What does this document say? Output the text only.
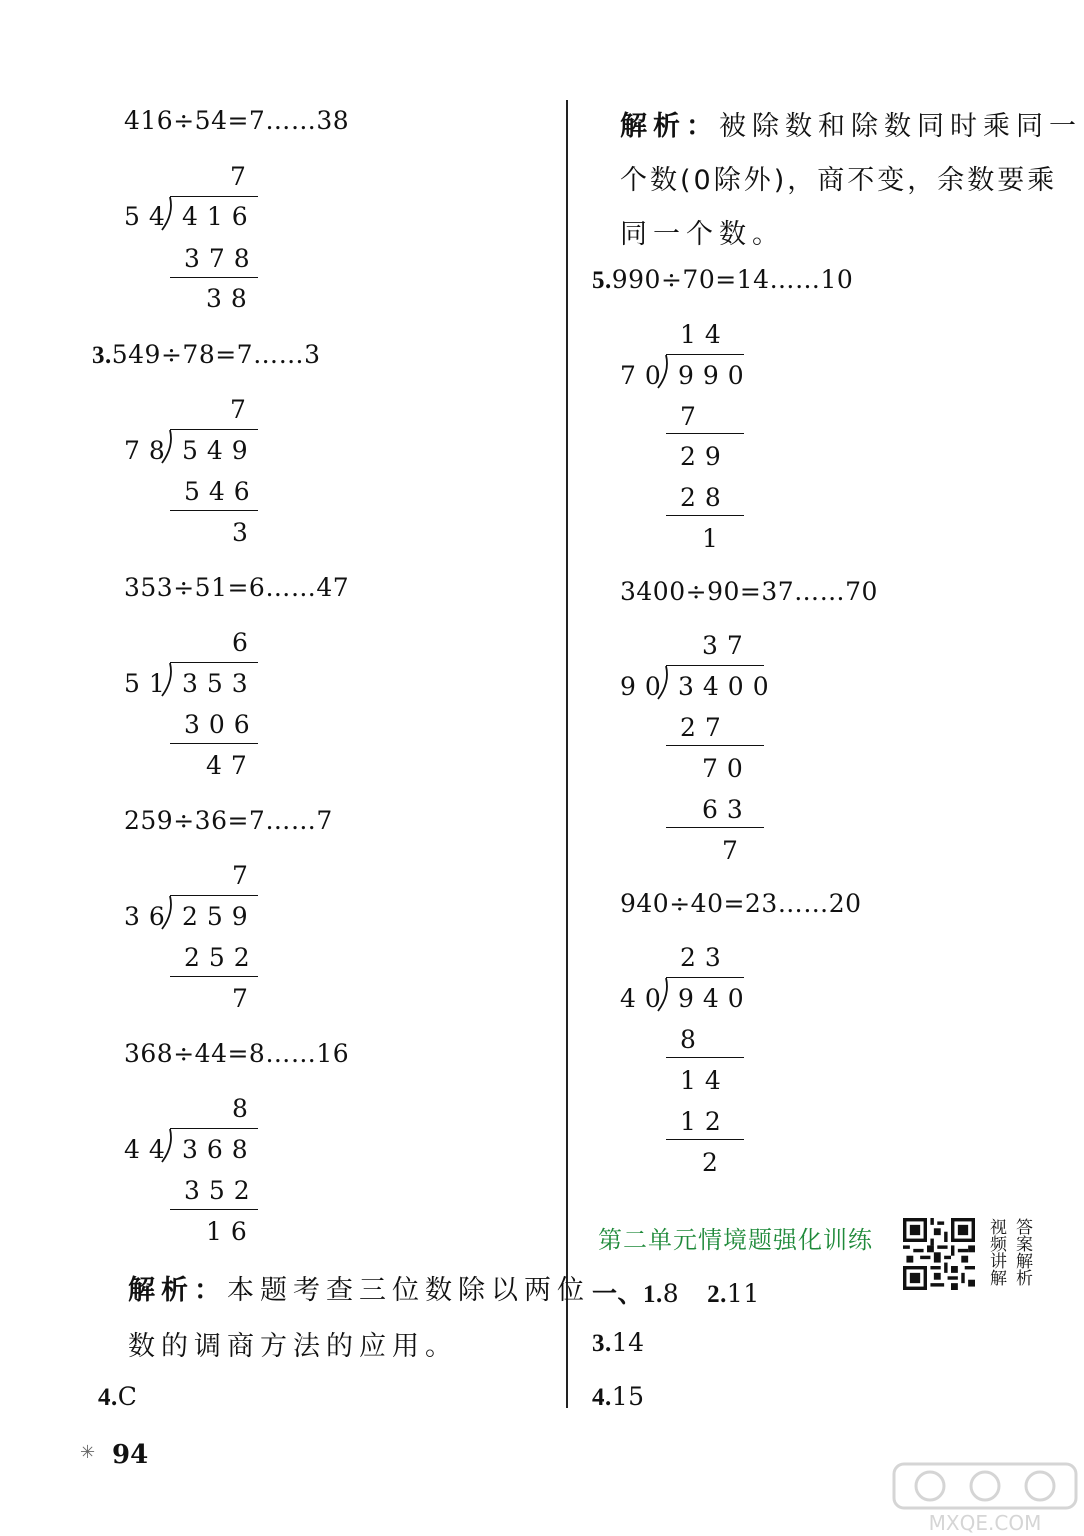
416÷54=7……38
7
54 416
378
38
3.549÷78=7……3
7
78 549
546
3
353÷51=6……47
6
51 353
306
47
259÷36=7……7
7
36 259
252
7
368÷44=8……16
8
44 368
352
16
解析：本题考查三位数除以两位
数的调商方法的应用。
4.C
✳ 94
解析：被除数和除数同时乘同一
个数(0除外)，商不变，余数要乘
同一个数。
5.990÷70=14……10
14
70 990
7
29
28
1
3400÷90=37……70
37
90 3400
27
70
63
7
940÷40=23……20
23
40 940
8
14
12
2
第二单元情境题强化训练	视频讲解 答案解析
一、1.8 2.11
3.14
4.15
MXQE.COM
